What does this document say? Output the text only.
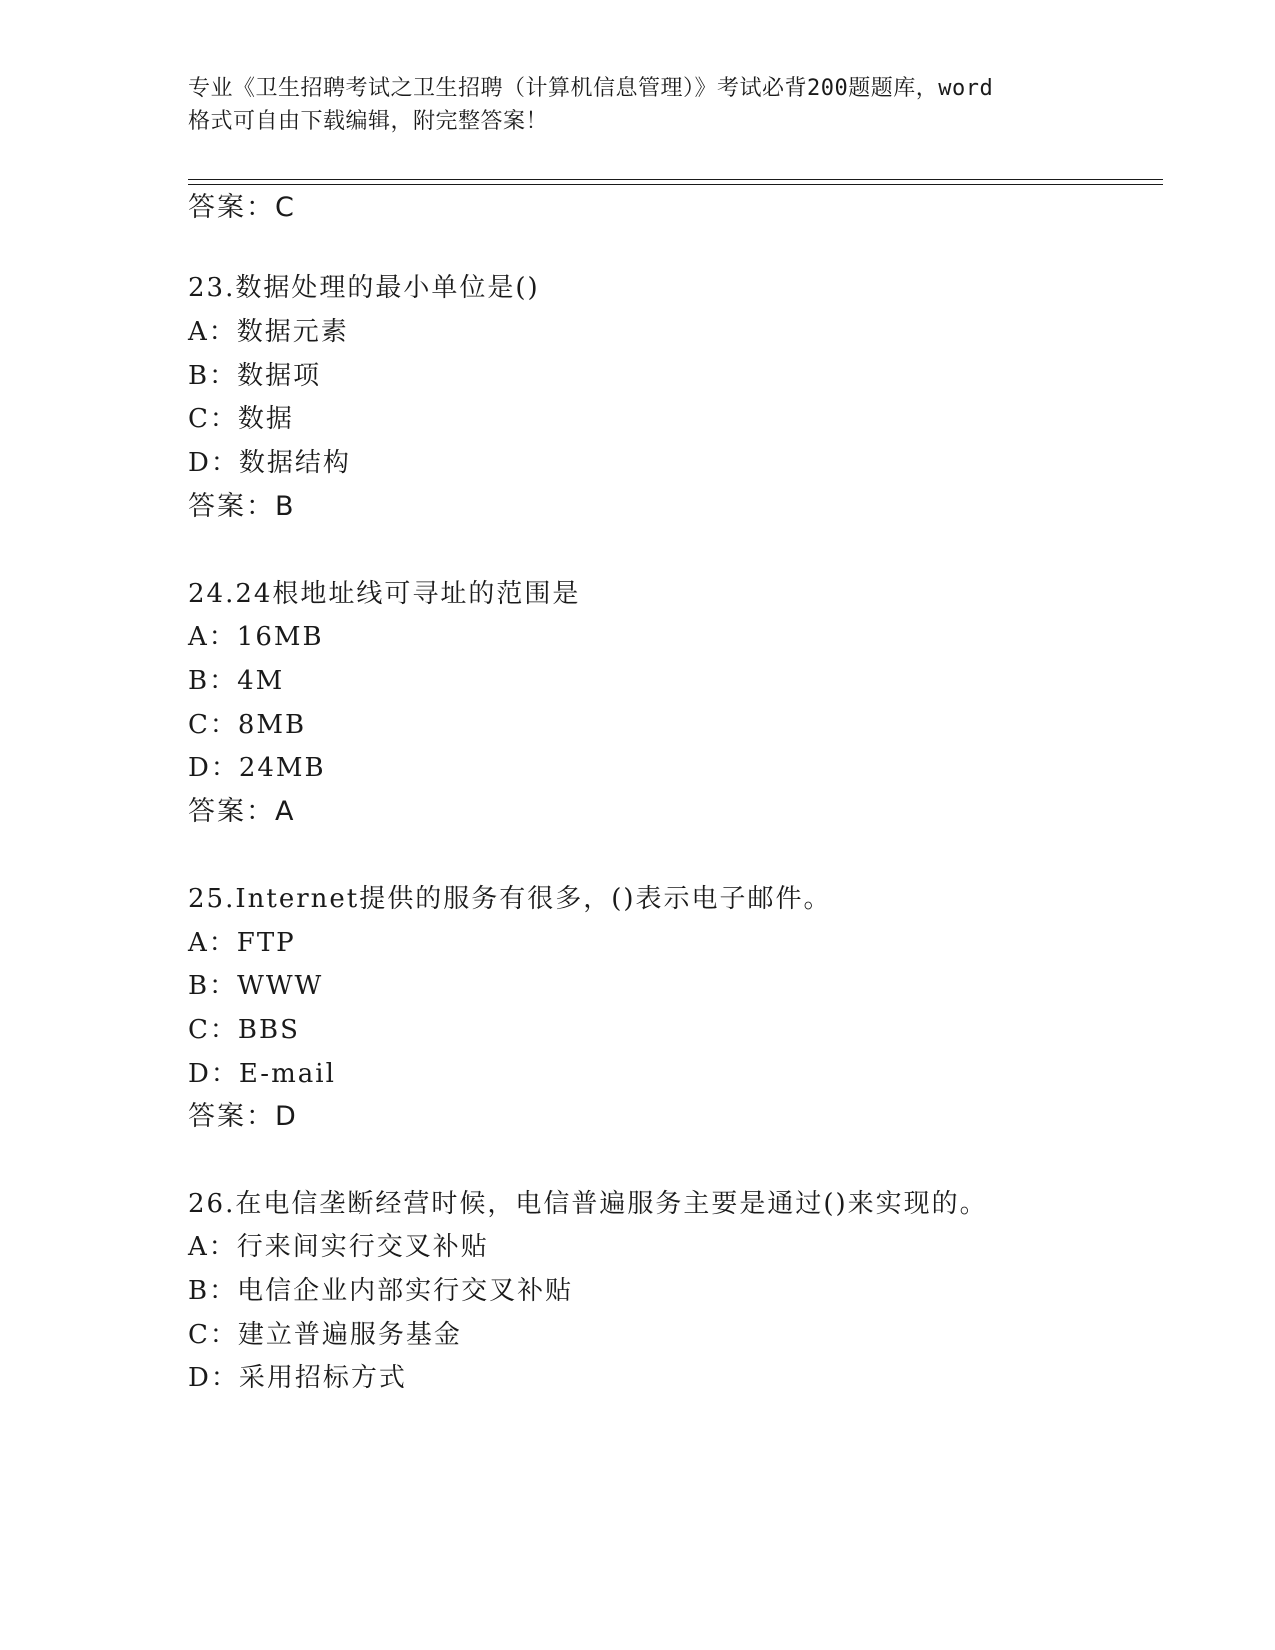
专业《卫生招聘考试之卫生招聘（计算机信息管理）》考试必背200题题库，word
格式可自由下载编辑，附完整答案！
答案：C
23.数据处理的最小单位是()
A：数据元素
B：数据项
C：数据
D：数据结构
答案：B
24.24根地址线可寻址的范围是
A：16MB
B：4M
C：8MB
D：24MB
答案：A
25.Internet提供的服务有很多，()表示电子邮件。
A：FTP
B：WWW
C：BBS
D：E-mail
答案：D
26.在电信垄断经营时候，电信普遍服务主要是通过()来实现的。
A：行来间实行交叉补贴
B：电信企业内部实行交叉补贴
C：建立普遍服务基金
D：采用招标方式
